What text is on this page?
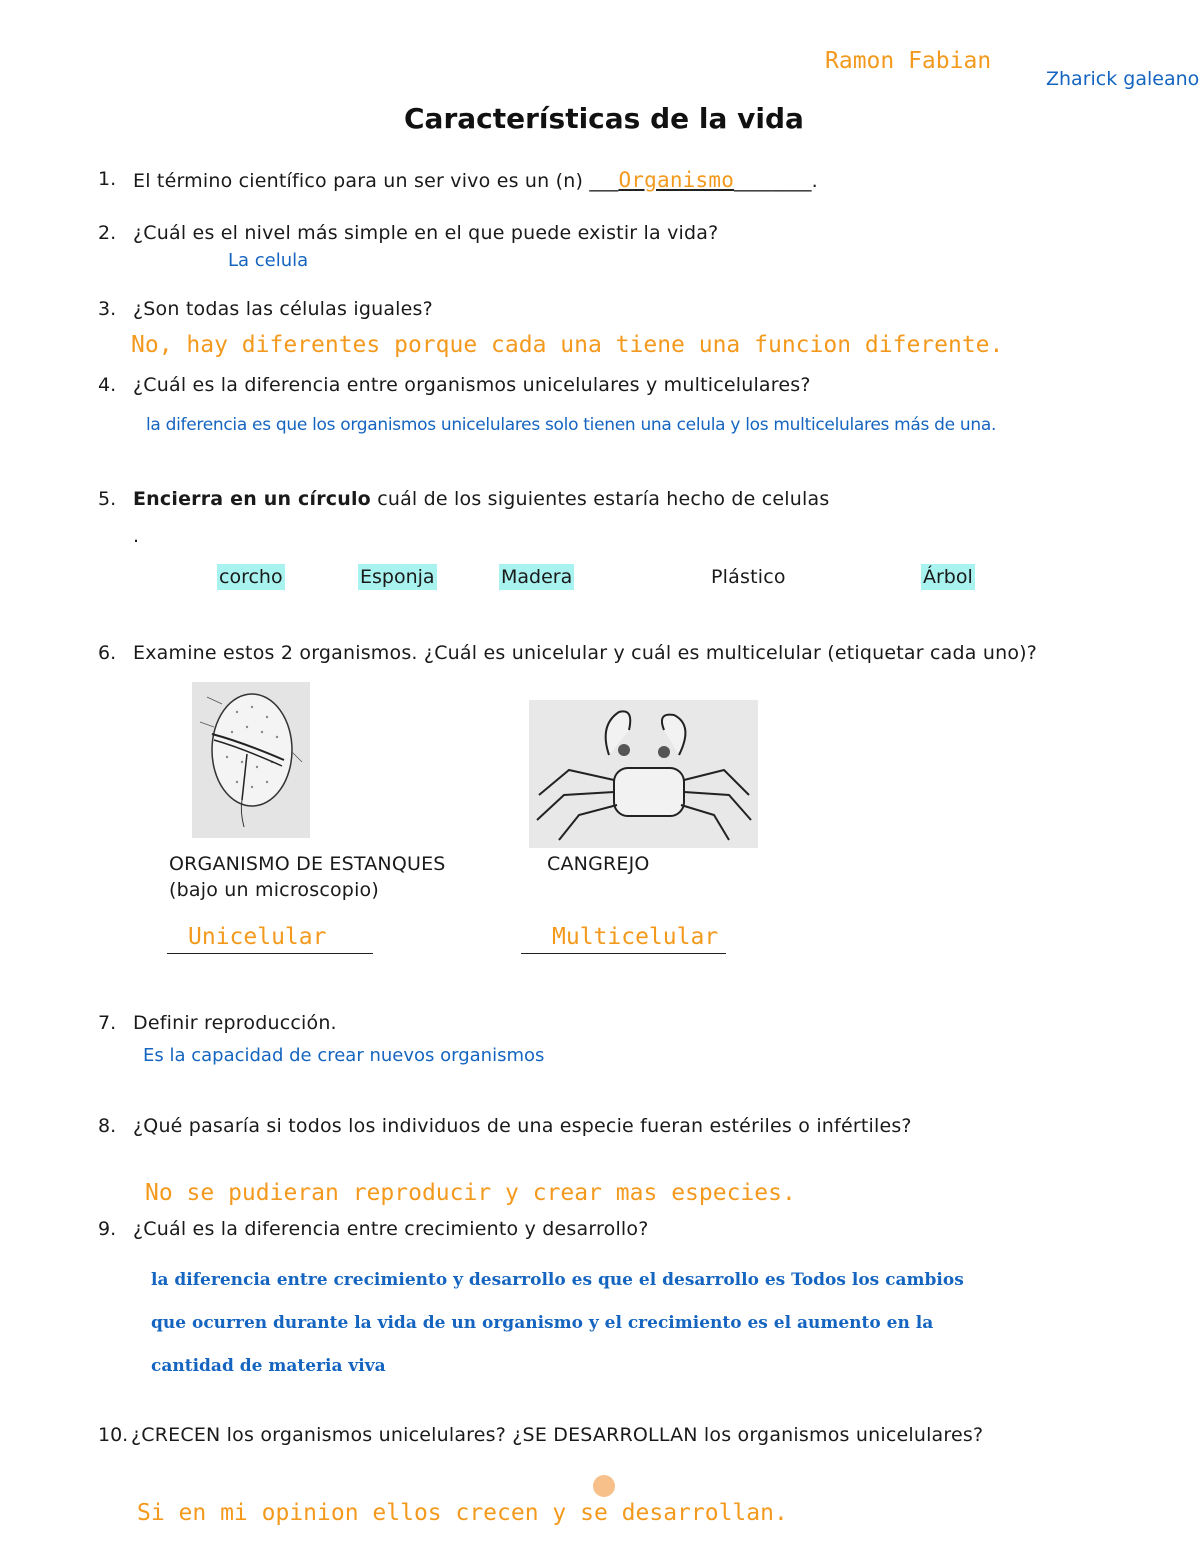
Ramon Fabian
Zharick galeano
Características de la vida
1. El término científico para un ser vivo es un (n) ___Organismo________.
2. ¿Cuál es el nivel más simple en el que puede existir la vida?
La celula
3. ¿Son todas las células iguales?
No, hay diferentes porque cada una tiene una funcion diferente.
4. ¿Cuál es la diferencia entre organismos unicelulares y multicelulares?
la diferencia es que los organismos unicelulares solo tienen una celula y los multicelulares más de una.
5. Encierra en un círculo cuál de los siguientes estaría hecho de celulas
.
corcho	Esponja	Madera	Plástico	Árbol
6. Examine estos 2 organismos. ¿Cuál es unicelular y cuál es multicelular (etiquetar cada uno)?
ORGANISMO DE ESTANQUES
(bajo un microscopio)
CANGREJO
Unicelular	Multicelular
7. Definir reproducción.
Es la capacidad de crear nuevos organismos
8. ¿Qué pasaría si todos los individuos de una especie fueran estériles o infértiles?
No se pudieran reproducir y crear mas especies.
9. ¿Cuál es la diferencia entre crecimiento y desarrollo?
la diferencia entre crecimiento y desarrollo es que el desarrollo es Todos los cambios
que ocurren durante la vida de un organismo y el crecimiento es el aumento en la
cantidad de materia viva
10. ¿CRECEN los organismos unicelulares? ¿SE DESARROLLAN los organismos unicelulares?
Si en mi opinion ellos crecen y se desarrollan.
